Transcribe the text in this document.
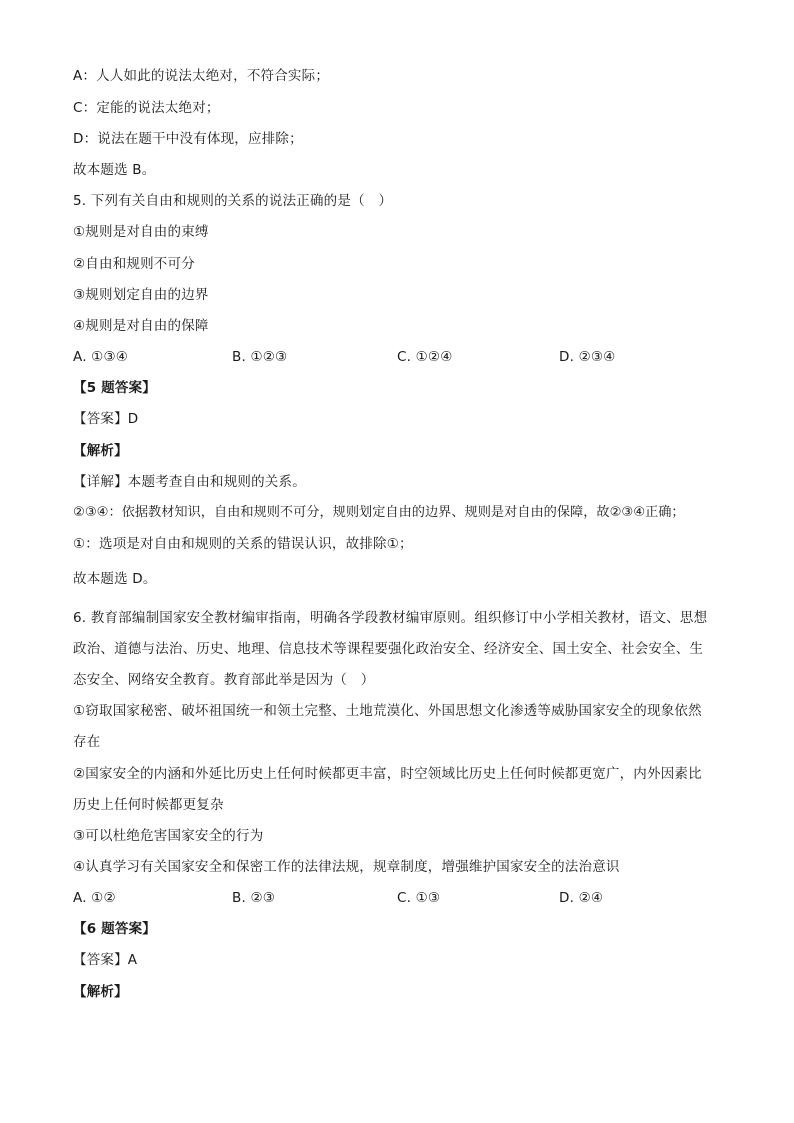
A：人人如此的说法太绝对，不符合实际；
C：定能的说法太绝对；
D：说法在题干中没有体现，应排除；
故本题选 B。
5. 下列有关自由和规则的关系的说法正确的是（　）
①规则是对自由的束缚
②自由和规则不可分
③规则划定自由的边界
④规则是对自由的保障
A. ①③④	B. ①②③	C. ①②④	D. ②③④
【5 题答案】
【答案】D
【解析】
【详解】本题考查自由和规则的关系。
②③④：依据教材知识，自由和规则不可分，规则划定自由的边界、规则是对自由的保障，故②③④正确；
①：选项是对自由和规则的关系的错误认识，故排除①；
故本题选 D。
6. 教育部编制国家安全教材编审指南，明确各学段教材编审原则。组织修订中小学相关教材，语文、思想
政治、道德与法治、历史、地理、信息技术等课程要强化政治安全、经济安全、国土安全、社会安全、生
态安全、网络安全教育。教育部此举是因为（　）
①窃取国家秘密、破坏祖国统一和领土完整、土地荒漠化、外国思想文化渗透等威胁国家安全的现象依然
存在
②国家安全的内涵和外延比历史上任何时候都更丰富，时空领域比历史上任何时候都更宽广，内外因素比
历史上任何时候都更复杂
③可以杜绝危害国家安全的行为
④认真学习有关国家安全和保密工作的法律法规，规章制度，增强维护国家安全的法治意识
A. ①②	B. ②③	C. ①③	D. ②④
【6 题答案】
【答案】A
【解析】
